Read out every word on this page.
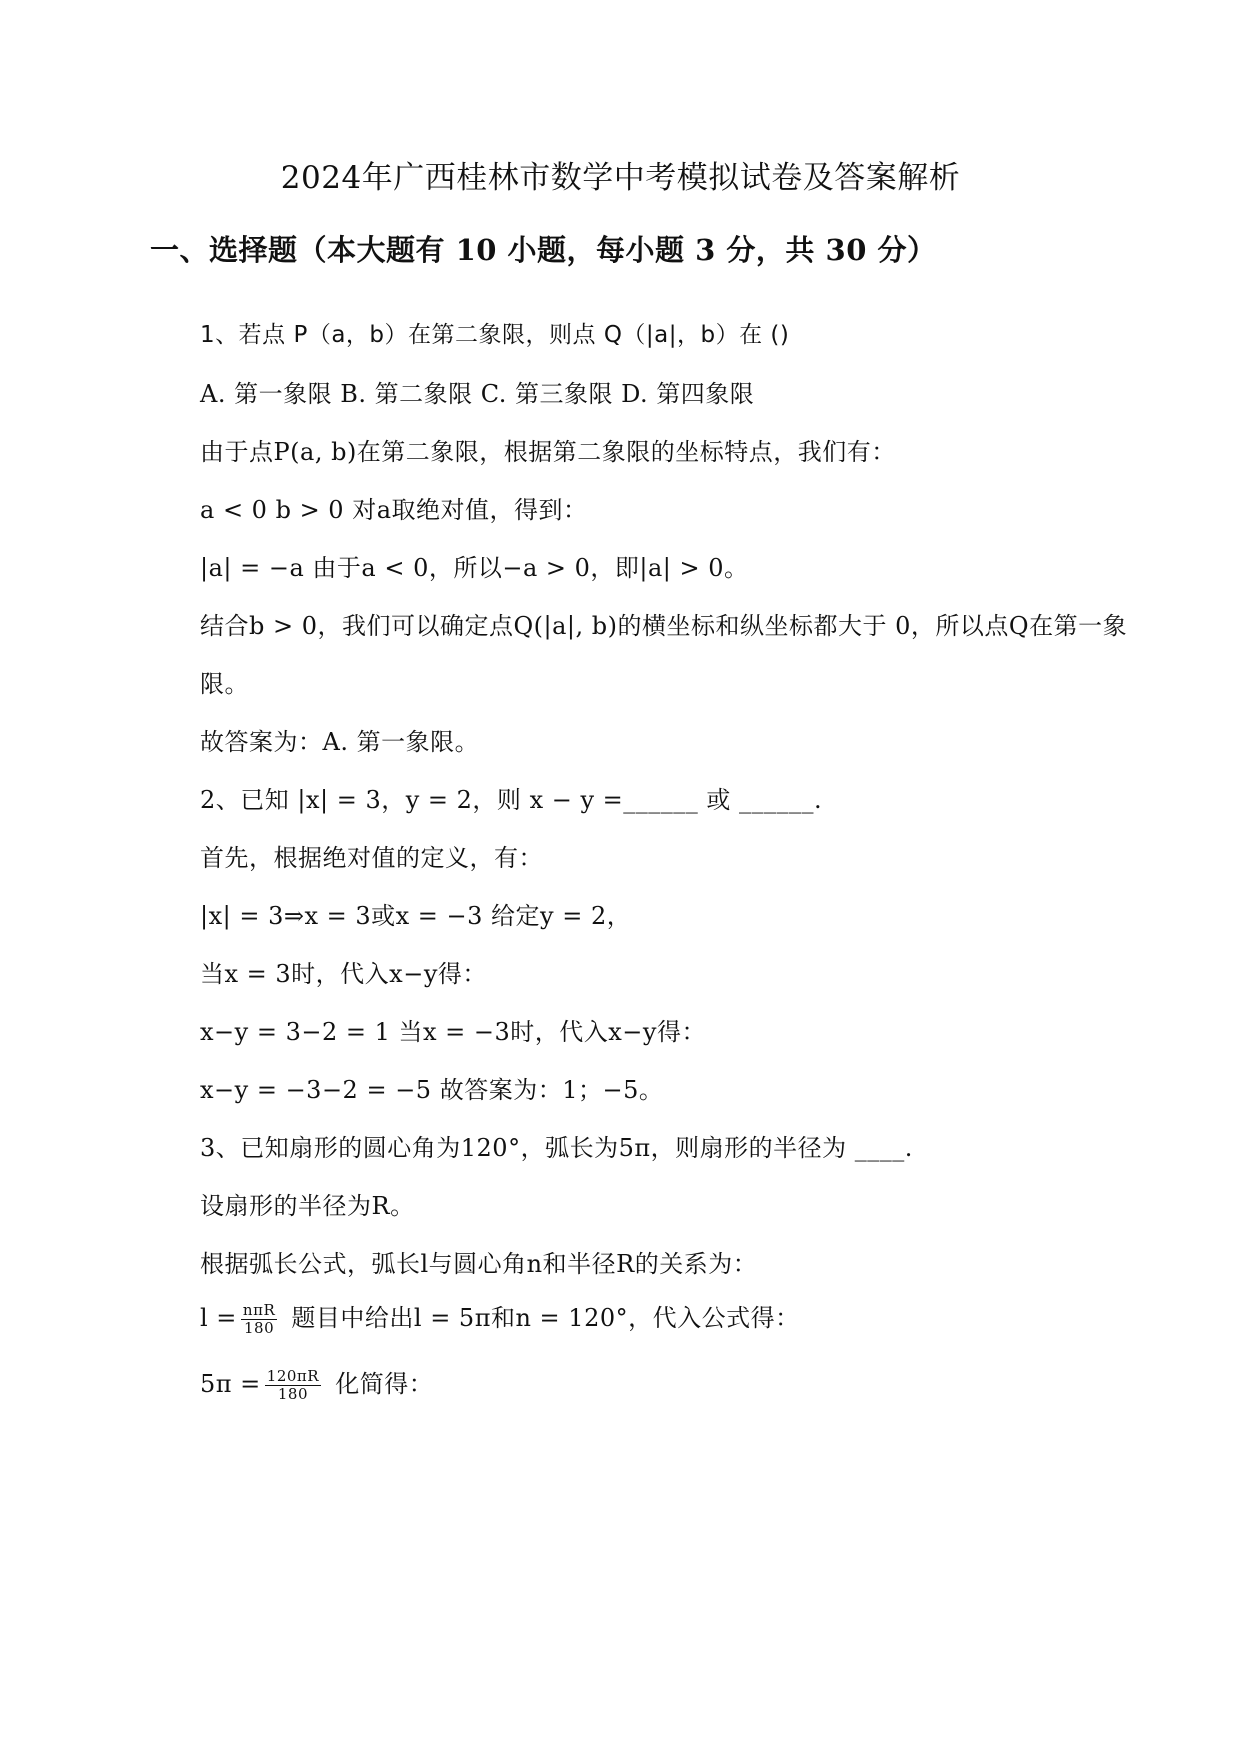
2024年广西桂林市数学中考模拟试卷及答案解析
一、选择题（本大题有 10 小题，每小题 3 分，共 30 分）
1、若点 P（a，b）在第二象限，则点 Q（|a|，b）在 ()
A. 第一象限 B. 第二象限 C. 第三象限 D. 第四象限
由于点P(a, b)在第二象限，根据第二象限的坐标特点，我们有：
a < 0 b > 0 对a取绝对值，得到：
|a| = −a 由于a < 0，所以−a > 0，即|a| > 0。
结合b > 0，我们可以确定点Q(|a|, b)的横坐标和纵坐标都大于 0，所以点Q在第一象
限。
故答案为：A. 第一象限。
2、已知 |x| = 3，y = 2，则 x − y =______ 或 ______.
首先，根据绝对值的定义，有：
|x| = 3⇒x = 3或x = −3 给定y = 2，
当x = 3时，代入x−y得：
x−y = 3−2 = 1 当x = −3时，代入x−y得：
x−y = −3−2 = −5 故答案为：1；−5。
3、已知扇形的圆心角为120°，弧长为5π，则扇形的半径为 ____.
设扇形的半径为R。
根据弧长公式，弧长l与圆心角n和半径R的关系为：
$l = \frac{\text{nπR}}{180}$ 题目中给出l = 5π和n = 120°，代入公式得：
$5\pi = \frac{120\pi R}{180}$ 化简得：
